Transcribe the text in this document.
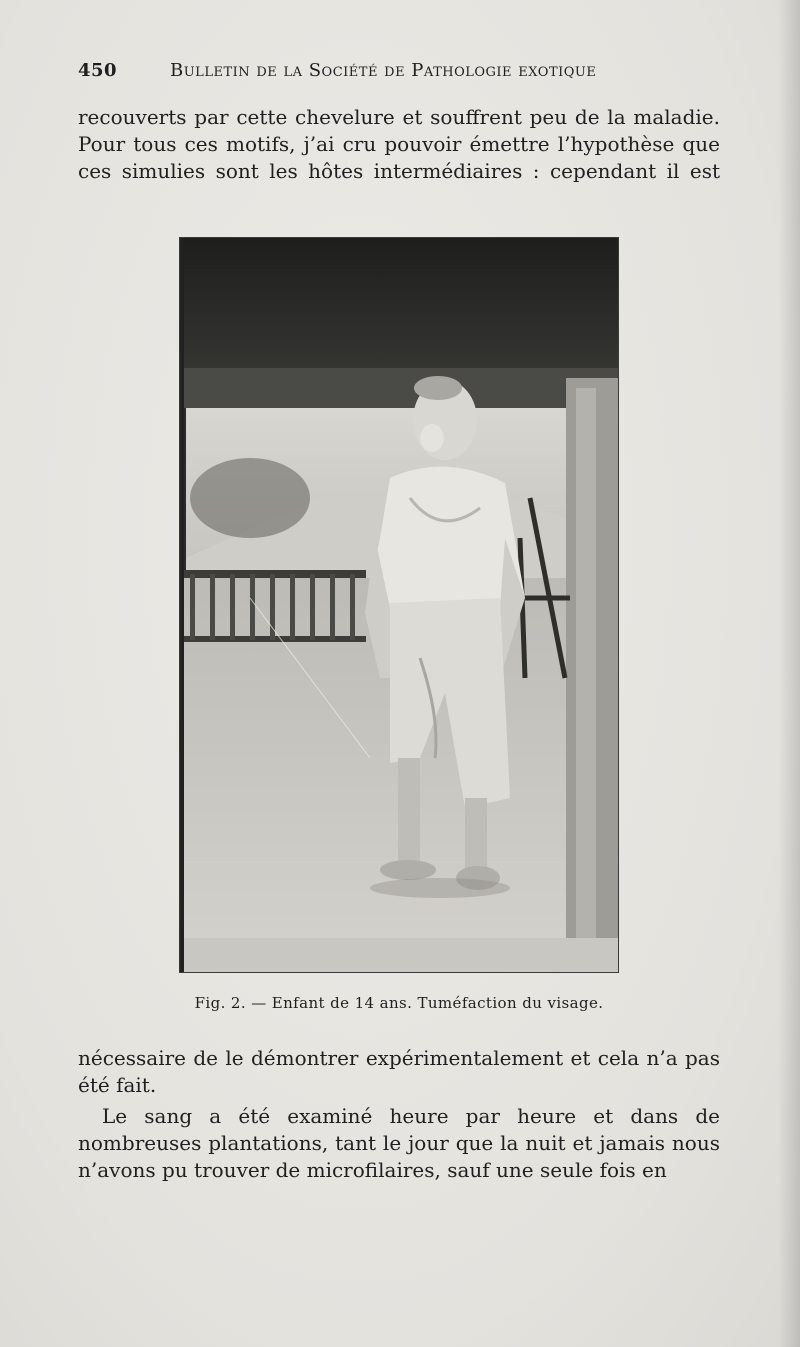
450	Bulletin de la Société de Pathologie exotique

recouverts par cette chevelure et souffrent peu de la maladie.

Pour tous ces motifs, j’ai cru pouvoir émettre l’hypothèse que

ces simulies sont les hôtes intermédiaires : cependant il est

Fig. 2. — Enfant de 14 ans. Tuméfaction du visage.

nécessaire de le démontrer expérimentalement et cela n’a pas été fait.

Le sang a été examiné heure par heure et dans de nombreuses plantations, tant le jour que la nuit et jamais nous n’avons pu trouver de microfilaires, sauf une seule fois en
